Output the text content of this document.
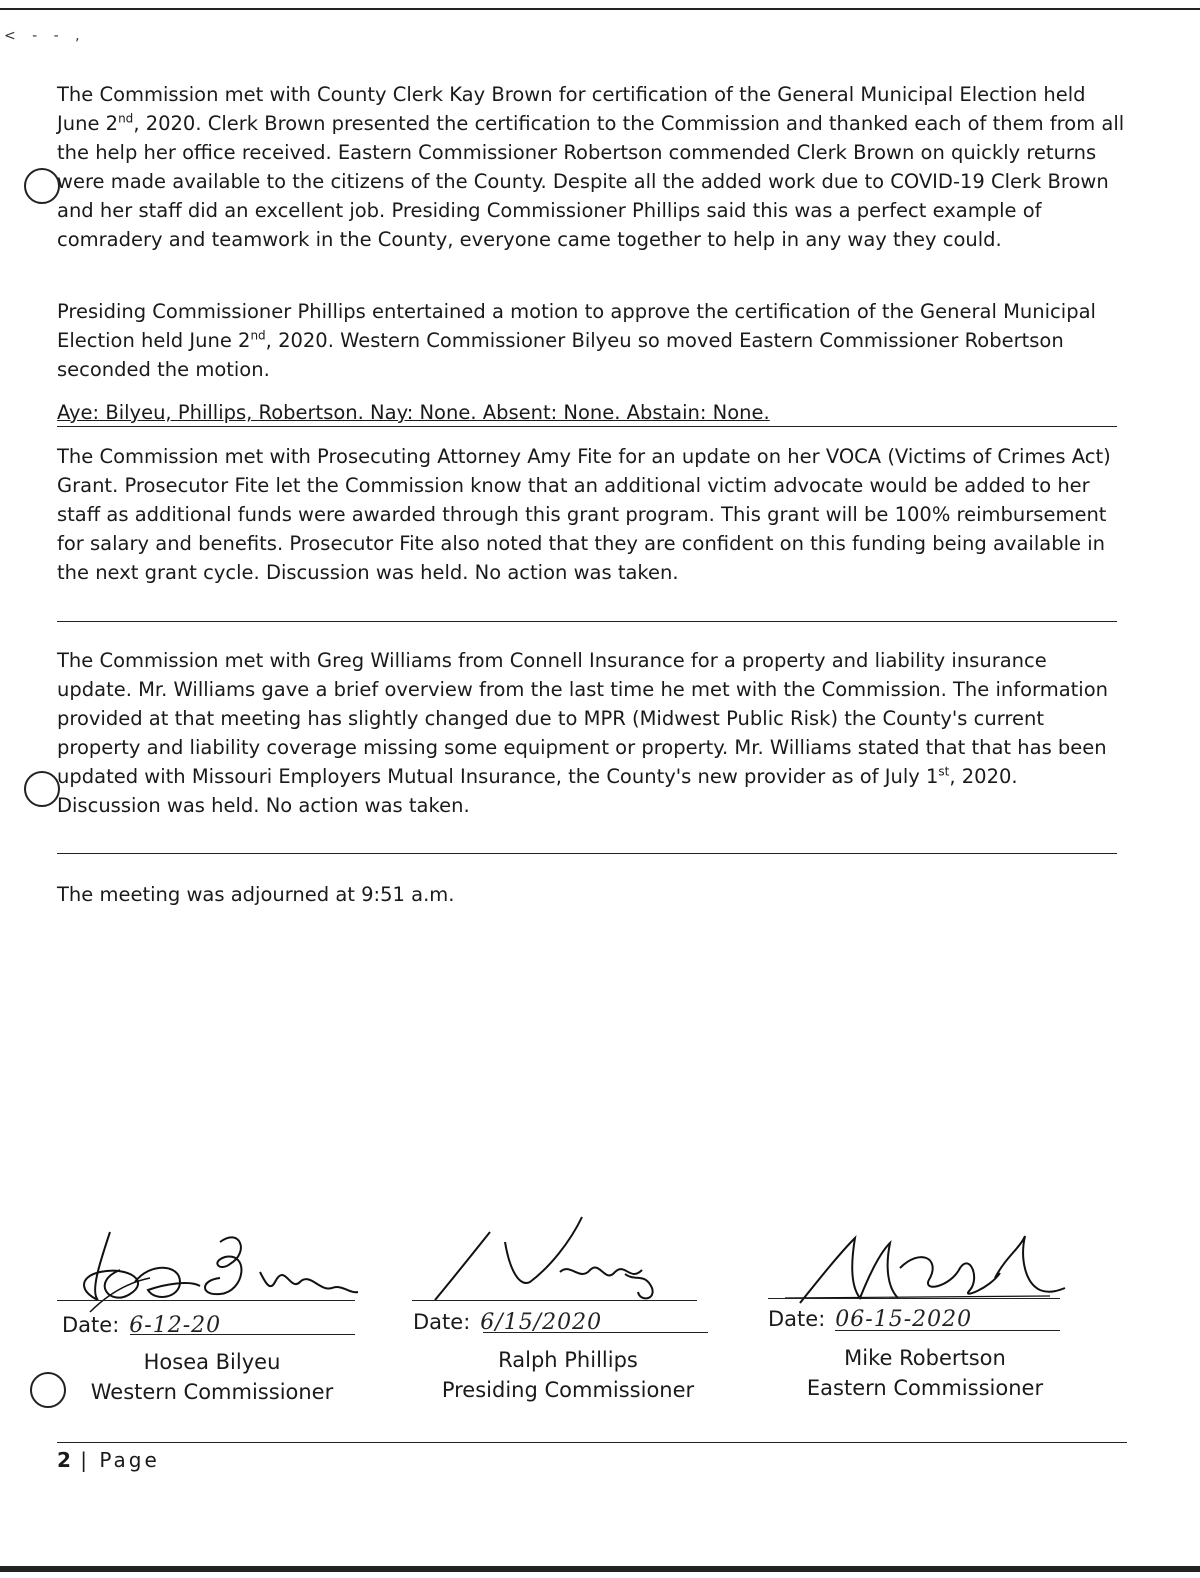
< - - ,

The Commission met with County Clerk Kay Brown for certification of the General Municipal Election held June 2nd, 2020. Clerk Brown presented the certification to the Commission and thanked each of them from all the help her office received. Eastern Commissioner Robertson commended Clerk Brown on quickly returns were made available to the citizens of the County. Despite all the added work due to COVID-19 Clerk Brown and her staff did an excellent job. Presiding Commissioner Phillips said this was a perfect example of comradery and teamwork in the County, everyone came together to help in any way they could.

Presiding Commissioner Phillips entertained a motion to approve the certification of the General Municipal Election held June 2nd, 2020. Western Commissioner Bilyeu so moved Eastern Commissioner Robertson seconded the motion.

Aye: Bilyeu, Phillips, Robertson. Nay: None. Absent: None. Abstain: None.

The Commission met with Prosecuting Attorney Amy Fite for an update on her VOCA (Victims of Crimes Act) Grant. Prosecutor Fite let the Commission know that an additional victim advocate would be added to her staff as additional funds were awarded through this grant program. This grant will be 100% reimbursement for salary and benefits. Prosecutor Fite also noted that they are confident on this funding being available in the next grant cycle. Discussion was held. No action was taken.

The Commission met with Greg Williams from Connell Insurance for a property and liability insurance update. Mr. Williams gave a brief overview from the last time he met with the Commission. The information provided at that meeting has slightly changed due to MPR (Midwest Public Risk) the County's current property and liability coverage missing some equipment or property. Mr. Williams stated that that has been updated with Missouri Employers Mutual Insurance, the County's new provider as of July 1st, 2020. Discussion was held. No action was taken.

The meeting was adjourned at 9:51 a.m.

Date: 6-12-20
Hosea Bilyeu
Western Commissioner
Date: 6/15/2020
Ralph Phillips
Presiding Commissioner
Date: 06-15-2020
Mike Robertson
Eastern Commissioner
2 | Page
